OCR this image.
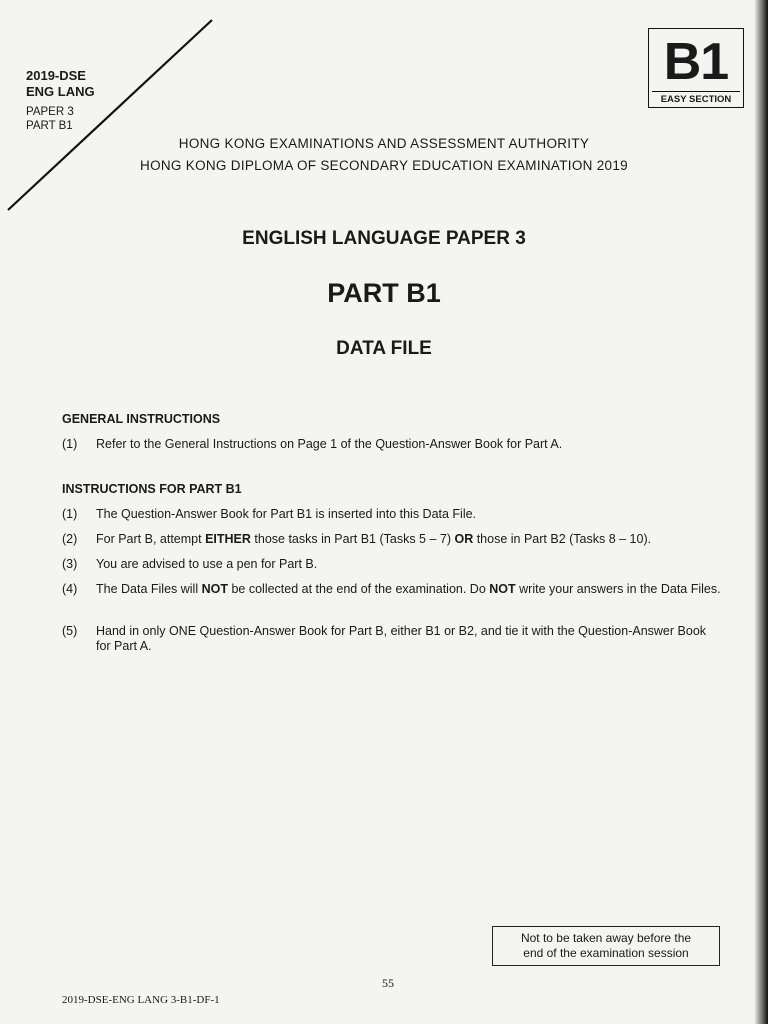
2019-DSE
ENG LANG
PAPER 3
PART B1
B1
EASY SECTION
HONG KONG EXAMINATIONS AND ASSESSMENT AUTHORITY
HONG KONG DIPLOMA OF SECONDARY EDUCATION EXAMINATION 2019
ENGLISH LANGUAGE PAPER 3
PART B1
DATA FILE
GENERAL INSTRUCTIONS
(1) Refer to the General Instructions on Page 1 of the Question-Answer Book for Part A.
INSTRUCTIONS FOR PART B1
(1) The Question-Answer Book for Part B1 is inserted into this Data File.
(2) For Part B, attempt EITHER those tasks in Part B1 (Tasks 5 – 7) OR those in Part B2 (Tasks 8 – 10).
(3) You are advised to use a pen for Part B.
(4) The Data Files will NOT be collected at the end of the examination. Do NOT write your answers in the Data Files.
(5) Hand in only ONE Question-Answer Book for Part B, either B1 or B2, and tie it with the Question-Answer Book for Part A.
Not to be taken away before the
end of the examination session
55
2019-DSE-ENG LANG 3-B1-DF-1
